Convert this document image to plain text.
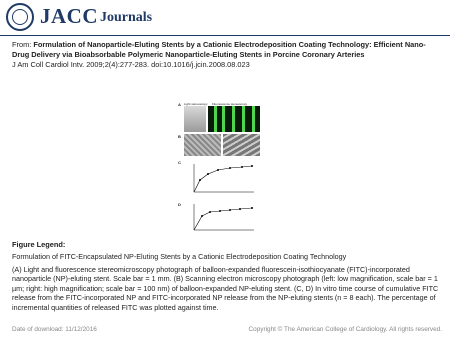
JACC Journals
From: Formulation of Nanoparticle-Eluting Stents by a Cationic Electrodeposition Coating Technology: Efficient Nano-Drug Delivery via Bioabsorbable Polymeric Nanoparticle-Eluting Stents in Porcine Coronary Arteries
J Am Coll Cardiol Intv. 2009;2(4):277-283. doi:10.1016/j.jcin.2008.08.023
A Light stereoscopy Fluorescence stereoscopy
B
C
D
Figure Legend:
Formulation of FITC-Encapsulated NP-Eluting Stents by a Cationic Electrodeposition Coating Technology
(A) Light and fluorescence stereomicroscopy photograph of balloon-expanded fluorescein-isothiocyanate (FITC)-incorporated nanoparticle (NP)-eluting stent. Scale bar = 1 mm. (B) Scanning electron microscopy photograph (left: low magnification, scale bar = 1 µm; right: high magnification; scale bar = 100 nm) of balloon-expanded NP-eluting stent. (C, D) In vitro time course of cumulative FITC release from the FITC-incorporated NP and FITC-incorporated NP release from the NP-eluting stents (n = 8 each). The percentage of incremental quantities of released FITC was plotted against time.
Date of download: 11/12/2016	Copyright © The American College of Cardiology. All rights reserved.
